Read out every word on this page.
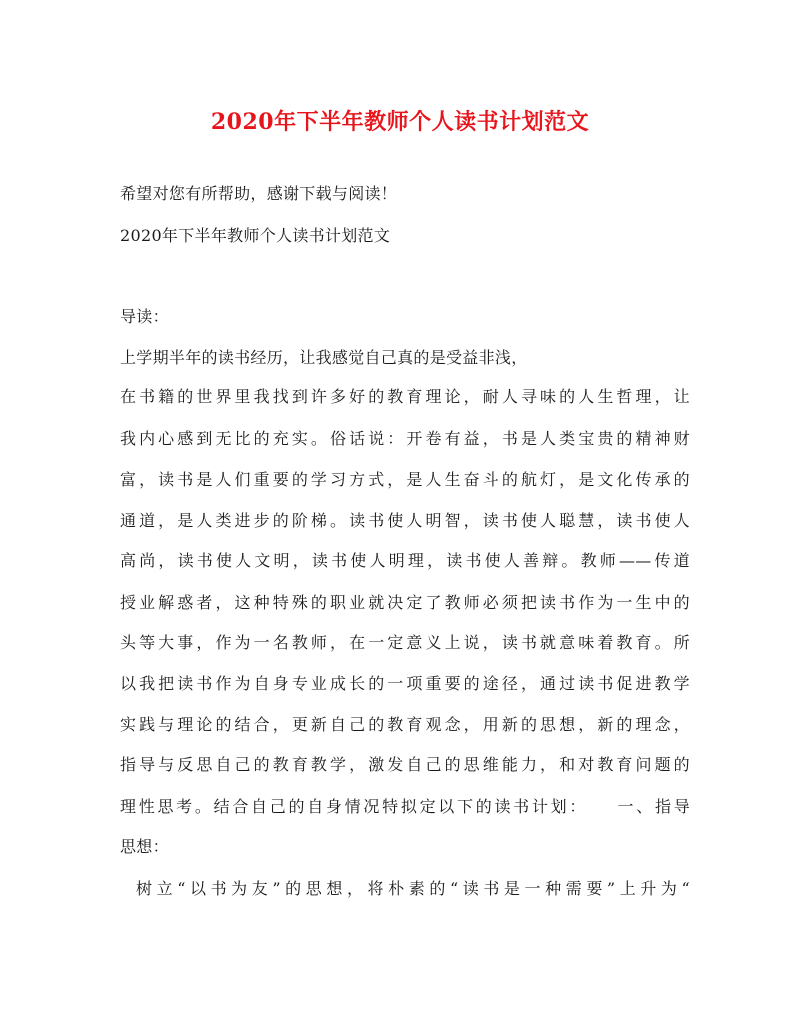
2020年下半年教师个人读书计划范文
希望对您有所帮助，感谢下载与阅读！
2020年下半年教师个人读书计划范文
导读：
上学期半年的读书经历，让我感觉自己真的是受益非浅，
在书籍的世界里我找到许多好的教育理论，耐人寻味的人生哲理，让
我内心感到无比的充实。俗话说：开卷有益，书是人类宝贵的精神财
富，读书是人们重要的学习方式，是人生奋斗的航灯，是文化传承的
通道，是人类进步的阶梯。读书使人明智，读书使人聪慧，读书使人
高尚，读书使人文明，读书使人明理，读书使人善辩。教师——传道
授业解惑者，这种特殊的职业就决定了教师必须把读书作为一生中的
头等大事，作为一名教师，在一定意义上说，读书就意味着教育。所
以我把读书作为自身专业成长的一项重要的途径，通过读书促进教学
实践与理论的结合，更新自己的教育观念，用新的思想，新的理念，
指导与反思自己的教育教学，激发自己的思维能力，和对教育问题的
理性思考。结合自己的自身情况特拟定以下的读书计划：　　一、指导
思想：
树立“以书为友”的思想，将朴素的“读书是一种需要”上升为“
